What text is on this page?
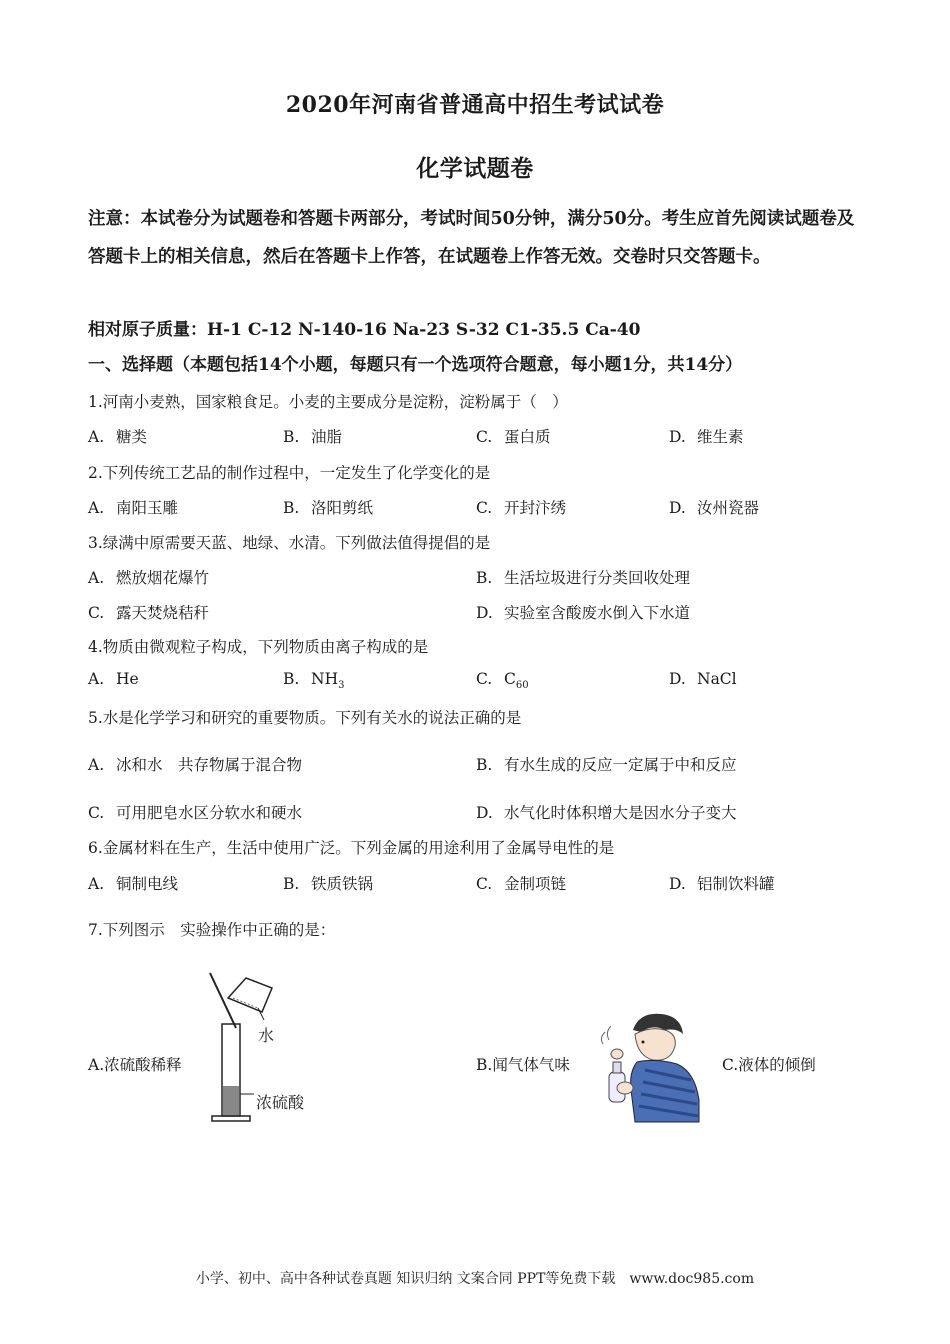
2020年河南省普通高中招生考试试卷
化学试题卷
注意：本试卷分为试题卷和答题卡两部分，考试时间50分钟，满分50分。考生应首先阅读试题卷及答题卡上的相关信息，然后在答题卡上作答，在试题卷上作答无效。交卷时只交答题卡。
相对原子质量：H-1 C-12 N-140-16 Na-23 S-32 C1-35.5 Ca-40
一、选择题（本题包括14个小题，每题只有一个选项符合题意，每小题1分，共14分）
1.河南小麦熟，国家粮食足。小麦的主要成分是淀粉，淀粉属于（　）
A. 糖类	B. 油脂	C. 蛋白质	D. 维生素
2.下列传统工艺品的制作过程中，一定发生了化学变化的是
A. 南阳玉雕	B. 洛阳剪纸	C. 开封汴绣	D. 汝州瓷器
3.绿满中原需要天蓝、地绿、水清。下列做法值得提倡的是
A. 燃放烟花爆竹	B. 生活垃圾进行分类回收处理
C. 露天焚烧秸秆	D. 实验室含酸废水倒入下水道
4.物质由微观粒子构成，下列物质由离子构成的是
A. He	B. $NH_3$	C. $C_{60}$	D. NaCl
5.水是化学学习和研究的重要物质。下列有关水的说法正确的是
A. 冰和水　共存物属于混合物	B. 有水生成的反应一定属于中和反应
C. 可用肥皂水区分软水和硬水	D. 水气化时体积增大是因水分子变大
6.金属材料在生产，生活中使用广泛。下列金属的用途利用了金属导电性的是
A. 铜制电线	B. 铁质铁锅	C. 金制项链	D. 铝制饮料罐
7.下列图示　实验操作中正确的是：
A.浓硫酸稀释	B.闻气体气味	C.液体的倾倒
水
浓硫酸
小学、初中、高中各种试卷真题 知识归纳 文案合同 PPT等免费下载　www.doc985.com
